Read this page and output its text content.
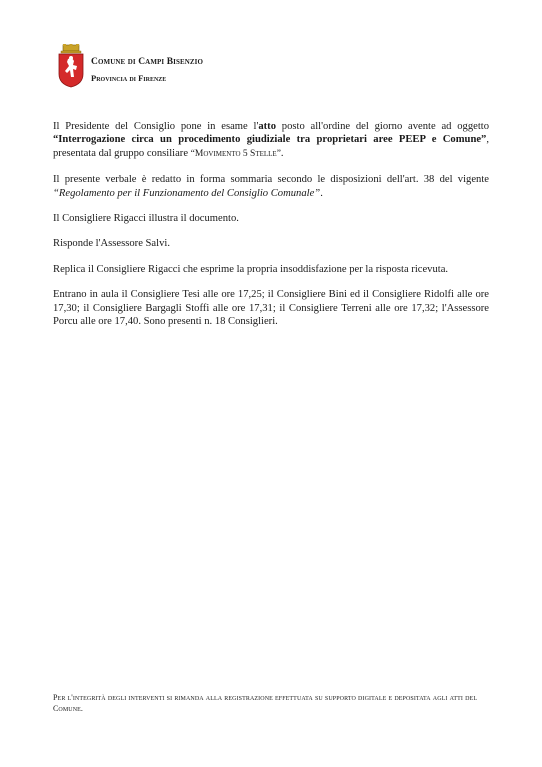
Comune di Campi Bisenzio
Provincia di Firenze

Il Presidente del Consiglio pone in esame l'atto posto all'ordine del giorno avente ad oggetto “Interrogazione circa un procedimento giudiziale tra proprietari aree PEEP e Comune”, presentata dal gruppo consiliare “Movimento 5 Stelle”.

Il presente verbale è redatto in forma sommaria secondo le disposizioni dell'art. 38 del vigente “Regolamento per il Funzionamento del Consiglio Comunale”.

Il Consigliere Rigacci illustra il documento.

Risponde l'Assessore Salvi.

Replica il Consigliere Rigacci che esprime la propria insoddisfazione per la risposta ricevuta.

Entrano in aula il Consigliere Tesi alle ore 17,25; il Consigliere Bini ed il Consigliere Ridolfi alle ore 17,30; il Consigliere Bargagli Stoffi alle ore 17,31; il Consigliere Terreni alle ore 17,32; l'Assessore Porcu alle ore 17,40. Sono presenti n. 18 Consiglieri.

Per l'integrità degli interventi si rimanda alla registrazione effettuata su supporto digitale e depositata agli atti del Comune.
